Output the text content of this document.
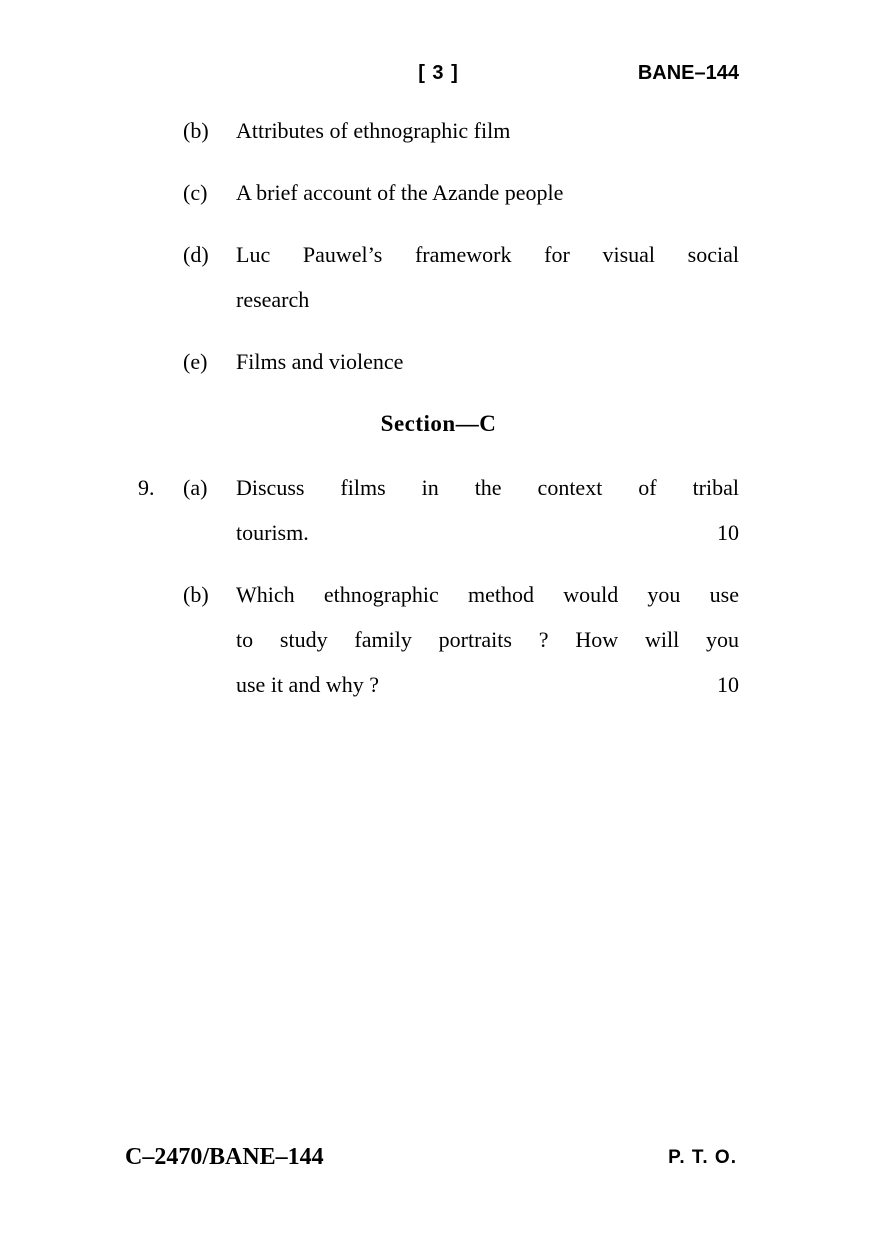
[ 3 ]	BANE–144
(b)	Attributes of ethnographic film
(c)	A brief account of the Azande people
(d)	Luc Pauwel’s framework for visual social
research
(e)	Films and violence
Section—C
9. (a)	Discuss films in the context of tribal
tourism.	10
(b)	Which ethnographic method would you use
to study family portraits ? How will you
use it and why ?	10
C–2470/BANE–144	P. T. O.
